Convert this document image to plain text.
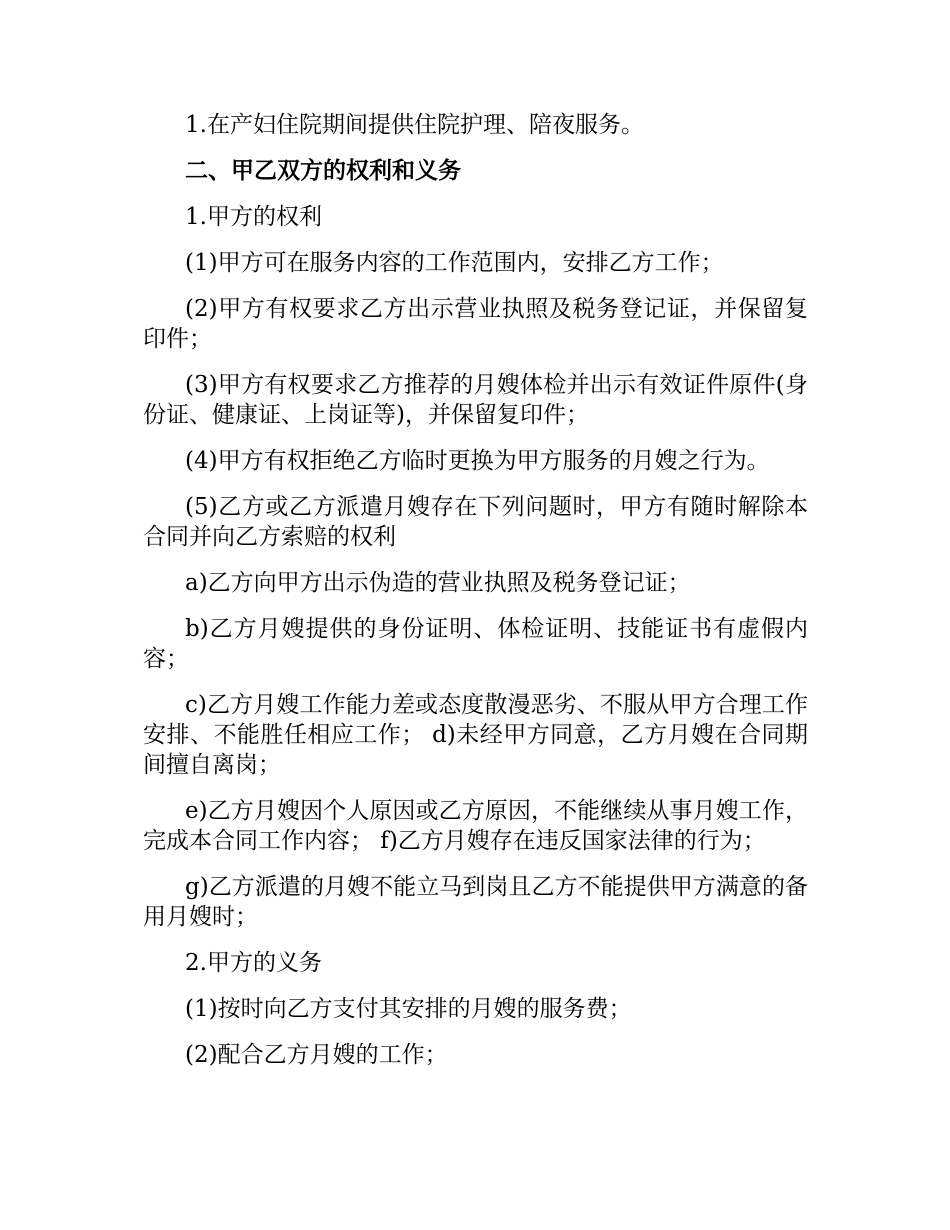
1.在产妇住院期间提供住院护理、陪夜服务。

二、甲乙双方的权利和义务

1.甲方的权利

(1)甲方可在服务内容的工作范围内，安排乙方工作；

(2)甲方有权要求乙方出示营业执照及税务登记证，并保留复印件；

(3)甲方有权要求乙方推荐的月嫂体检并出示有效证件原件(身份证、健康证、上岗证等)，并保留复印件；

(4)甲方有权拒绝乙方临时更换为甲方服务的月嫂之行为。

(5)乙方或乙方派遣月嫂存在下列问题时，甲方有随时解除本合同并向乙方索赔的权利

a)乙方向甲方出示伪造的营业执照及税务登记证；

b)乙方月嫂提供的身份证明、体检证明、技能证书有虚假内容；

c)乙方月嫂工作能力差或态度散漫恶劣、不服从甲方合理工作安排、不能胜任相应工作； d)未经甲方同意，乙方月嫂在合同期间擅自离岗；

e)乙方月嫂因个人原因或乙方原因，不能继续从事月嫂工作，完成本合同工作内容； f)乙方月嫂存在违反国家法律的行为；

g)乙方派遣的月嫂不能立马到岗且乙方不能提供甲方满意的备用月嫂时；

2.甲方的义务

(1)按时向乙方支付其安排的月嫂的服务费；

(2)配合乙方月嫂的工作；
